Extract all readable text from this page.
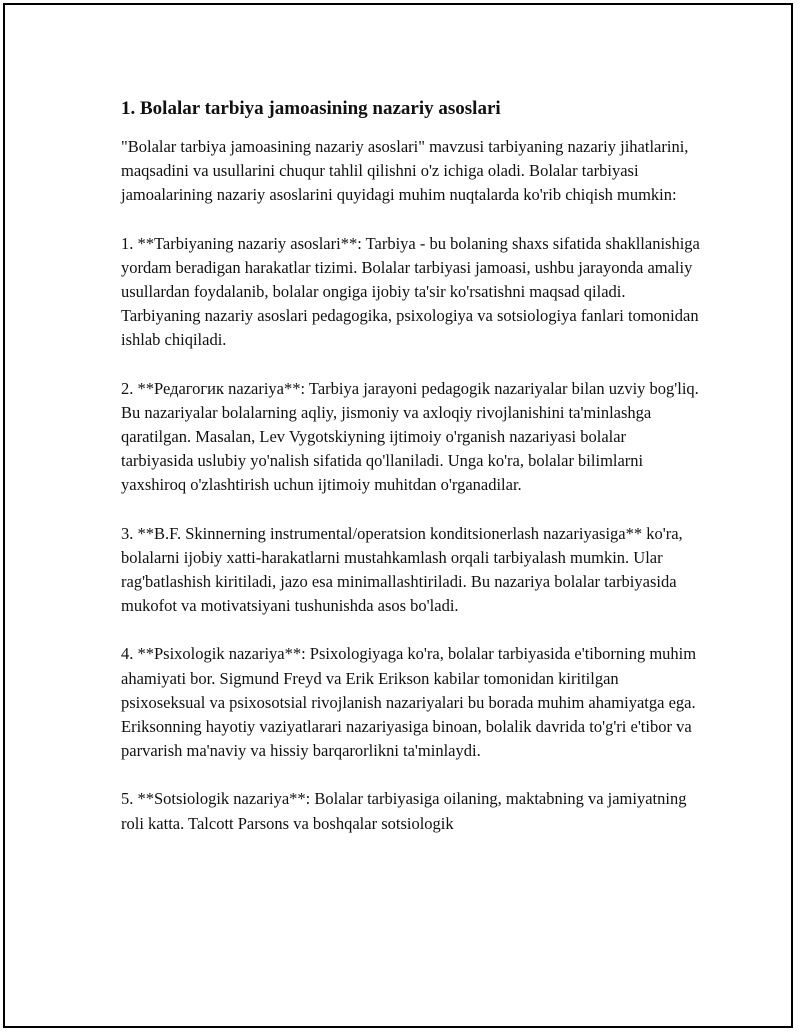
1. Bolalar tarbiya jamoasining nazariy asoslari

"Bolalar tarbiya jamoasining nazariy asoslari" mavzusi tarbiyaning nazariy jihatlarini, maqsadini va usullarini chuqur tahlil qilishni o'z ichiga oladi. Bolalar tarbiyasi jamoalarining nazariy asoslarini quyidagi muhim nuqtalarda ko'rib chiqish mumkin:

1. **Tarbiyaning nazariy asoslari**: Tarbiya - bu bolaning shaxs sifatida shakllanishiga yordam beradigan harakatlar tizimi. Bolalar tarbiyasi jamoasi, ushbu jarayonda amaliy usullardan foydalanib, bolalar ongiga ijobiy ta'sir ko'rsatishni maqsad qiladi. Tarbiyaning nazariy asoslari pedagogika, psixologiya va sotsiologiya fanlari tomonidan ishlab chiqiladi.

2. **Редагогик nazariya**: Tarbiya jarayoni pedagogik nazariyalar bilan uzviy bog'liq. Bu nazariyalar bolalarning aqliy, jismoniy va axloqiy rivojlanishini ta'minlashga qaratilgan. Masalan, Lev Vygotskiyning ijtimoiy o'rganish nazariyasi bolalar tarbiyasida uslubiy yo'nalish sifatida qo'llaniladi. Unga ko'ra, bolalar bilimlarni yaxshiroq o'zlashtirish uchun ijtimoiy muhitdan o'rganadilar.

3. **B.F. Skinnerning instrumental/operatsion konditsionerlash nazariyasiga** ko'ra, bolalarni ijobiy xatti-harakatlarni mustahkamlash orqali tarbiyalash mumkin. Ular rag'batlashish kiritiladi, jazo esa minimallashtiriladi. Bu nazariya bolalar tarbiyasida mukofot va motivatsiyani tushunishda asos bo'ladi.

4. **Psixologik nazariya**: Psixologiyaga ko'ra, bolalar tarbiyasida e'tiborning muhim ahamiyati bor. Sigmund Freyd va Erik Erikson kabilar tomonidan kiritilgan psixoseksual va psixosotsial rivojlanish nazariyalari bu borada muhim ahamiyatga ega. Eriksonning hayotiy vaziyatlarari nazariyasiga binoan, bolalik davrida to'g'ri e'tibor va parvarish ma'naviy va hissiy barqarorlikni ta'minlaydi.

5. **Sotsiologik nazariya**: Bolalar tarbiyasiga oilaning, maktabning va jamiyatning roli katta. Talcott Parsons va boshqalar sotsiologik
